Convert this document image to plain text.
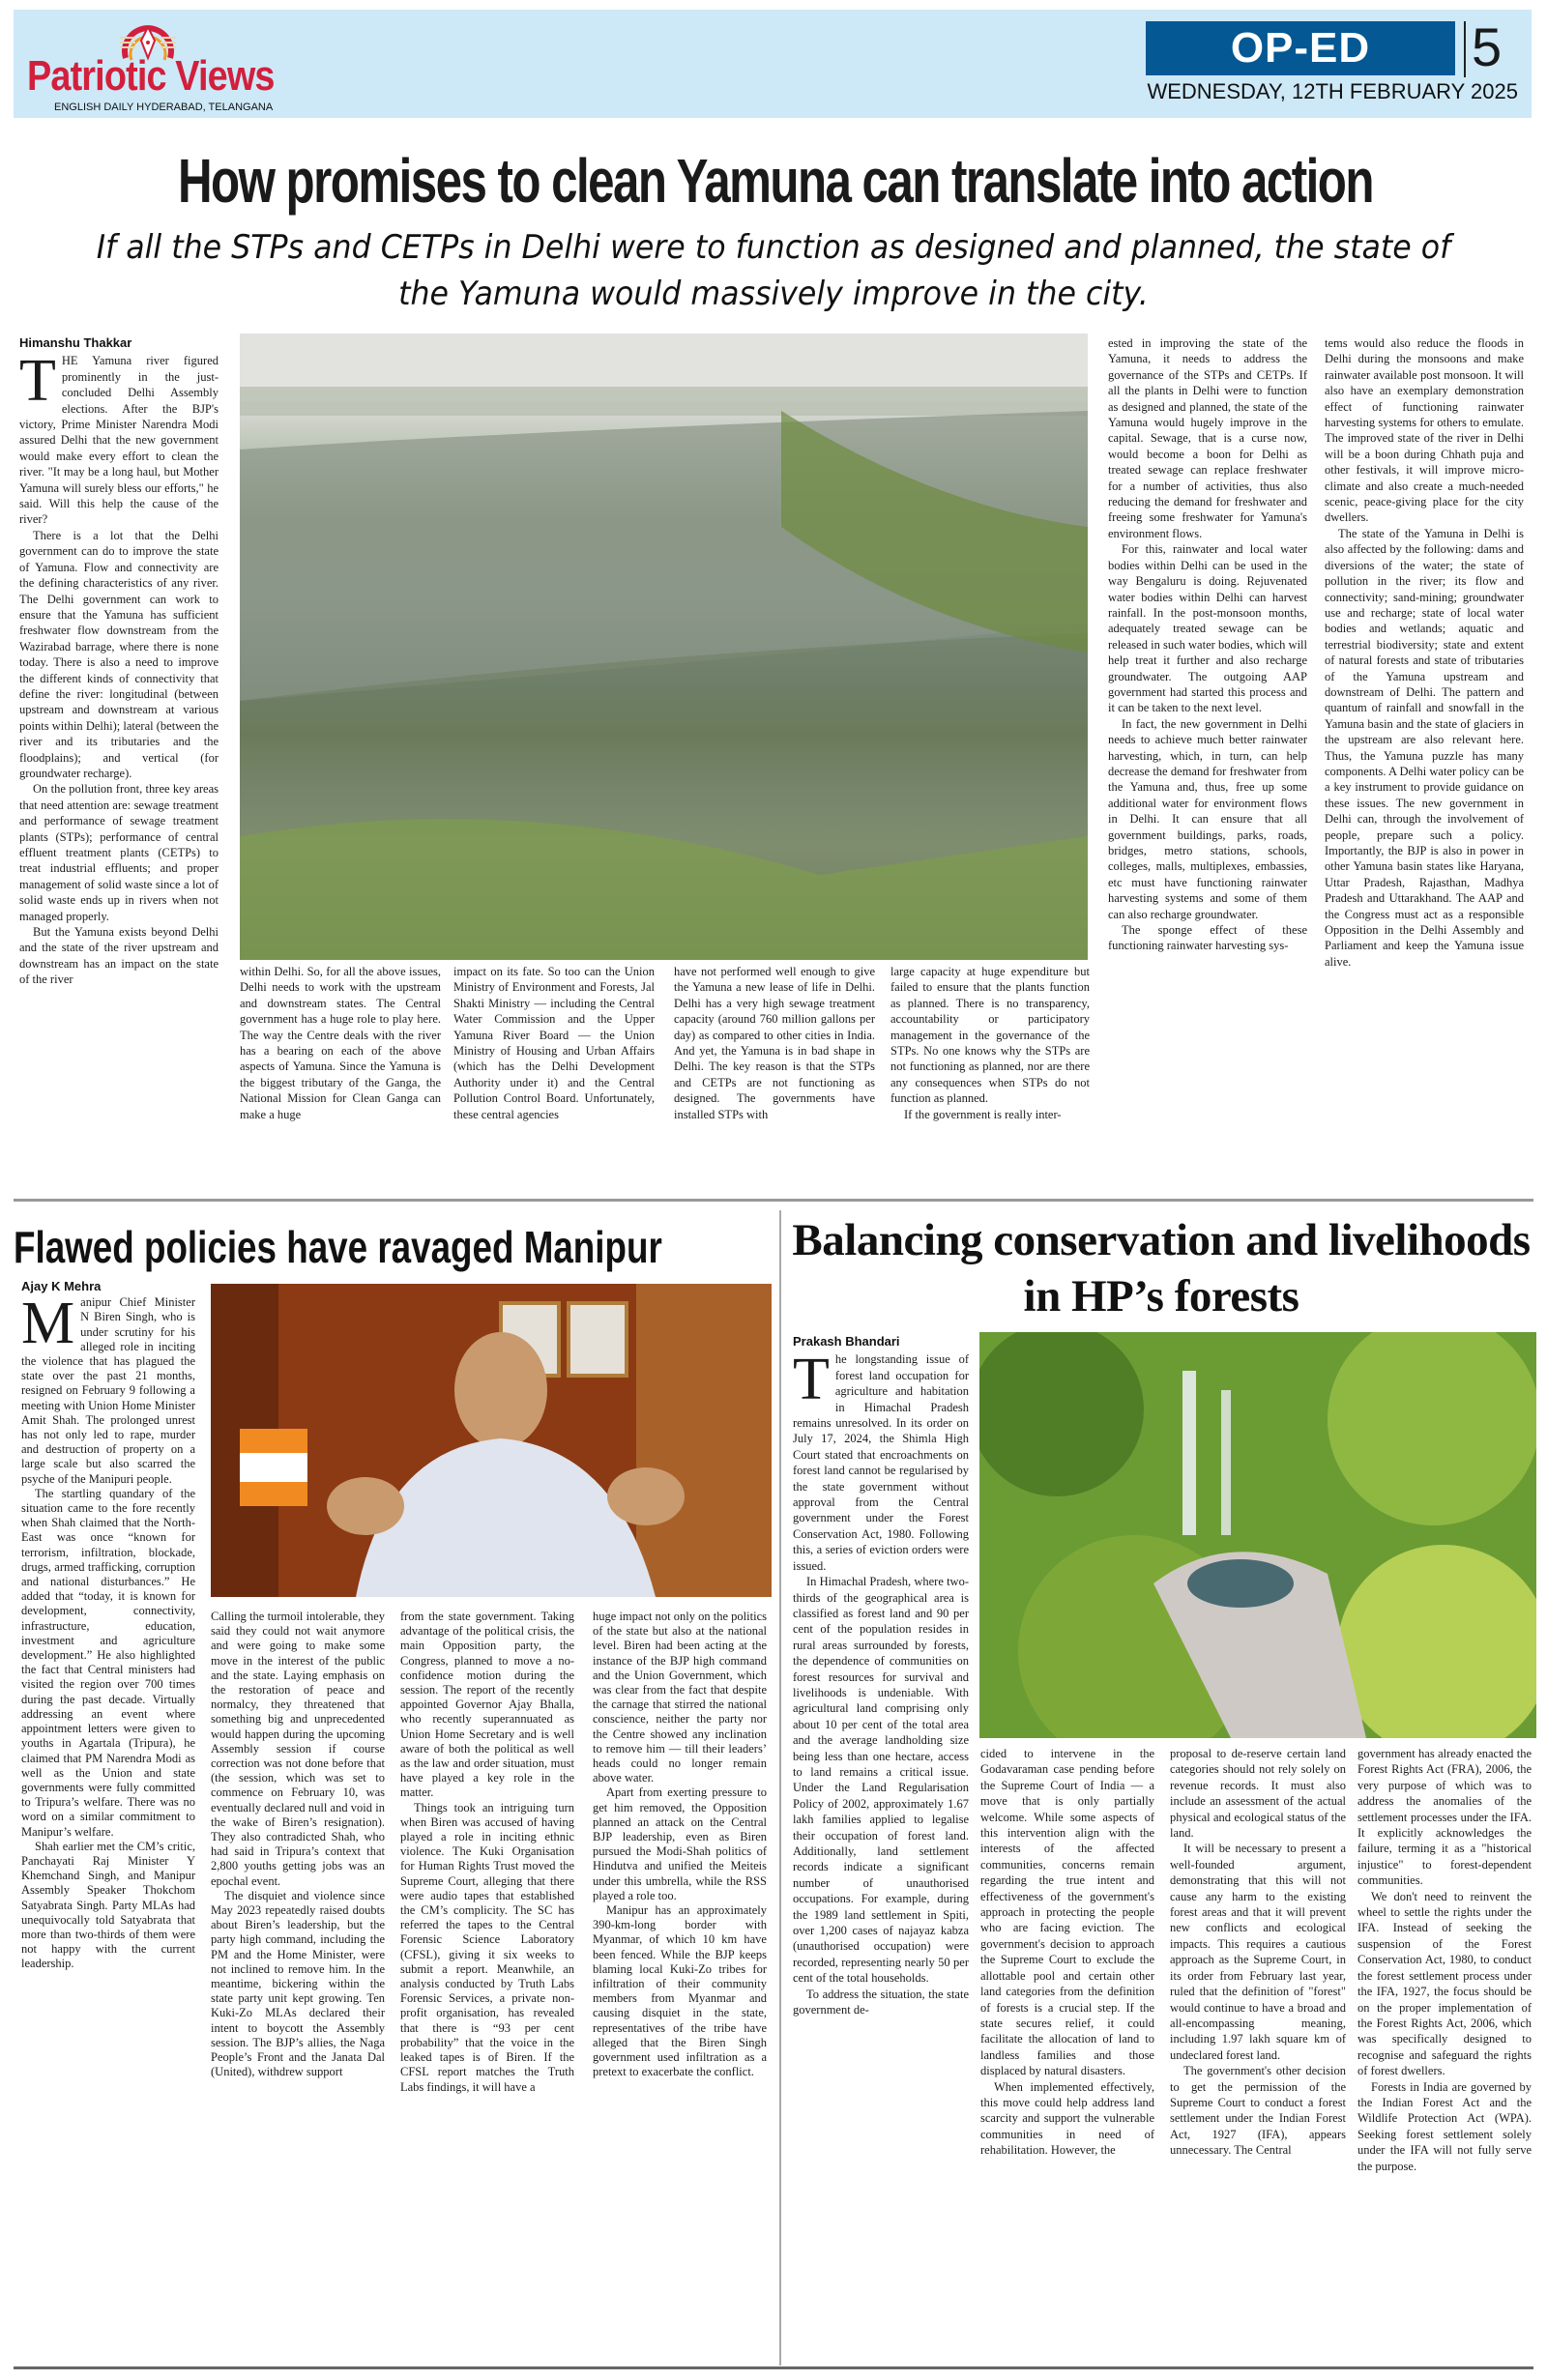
Patriotic Views
ENGLISH DAILY HYDERABAD, TELANGANA
OP-ED	5
WEDNESDAY, 12TH FEBRUARY 2025
How promises to clean Yamuna can translate into action
If all the STPs and CETPs in Delhi were to function as designed and planned, the state of the Yamuna would massively improve in the city.
Himanshu Thakkar

THE Yamuna river figured prominently in the just-concluded Delhi Assembly elections. After the BJP's victory, Prime Minister Narendra Modi assured Delhi that the new government would make every effort to clean the river. "It may be a long haul, but Mother Yamuna will surely bless our efforts," he said. Will this help the cause of the river?

There is a lot that the Delhi government can do to improve the state of Yamuna. Flow and connectivity are the defining characteristics of any river. The Delhi government can work to ensure that the Yamuna has sufficient freshwater flow downstream from the Wazirabad barrage, where there is none today. There is also a need to improve the different kinds of connectivity that define the river: longitudinal (between upstream and downstream at various points within Delhi); lateral (between the river and its tributaries and the floodplains); and vertical (for groundwater recharge).

On the pollution front, three key areas that need attention are: sewage treatment and performance of sewage treatment plants (STPs); performance of central effluent treatment plants (CETPs) to treat industrial effluents; and proper management of solid waste since a lot of solid waste ends up in rivers when not managed properly.

But the Yamuna exists beyond Delhi and the state of the river upstream and downstream has an impact on the state of the river

within Delhi. So, for all the above issues, Delhi needs to work with the upstream and downstream states. The Central government has a huge role to play here. The way the Centre deals with the river has a bearing on each of the above aspects of Yamuna. Since the Yamuna is the biggest tributary of the Ganga, the National Mission for Clean Ganga can make a huge

impact on its fate. So too can the Union Ministry of Environment and Forests, Jal Shakti Ministry — including the Central Water Commission and the Upper Yamuna River Board — the Union Ministry of Housing and Urban Affairs (which has the Delhi Development Authority under it) and the Central Pollution Control Board. Unfortunately, these central agencies

have not performed well enough to give the Yamuna a new lease of life in Delhi. Delhi has a very high sewage treatment capacity (around 760 million gallons per day) as compared to other cities in India. And yet, the Yamuna is in bad shape in Delhi. The key reason is that the STPs and CETPs are not functioning as designed. The governments have installed STPs with

large capacity at huge expenditure but failed to ensure that the plants function as planned. There is no transparency, accountability or participatory management in the governance of the STPs. No one knows why the STPs are not functioning as planned, nor are there any consequences when STPs do not function as planned.

If the government is really inter-

ested in improving the state of the Yamuna, it needs to address the governance of the STPs and CETPs. If all the plants in Delhi were to function as designed and planned, the state of the Yamuna would hugely improve in the capital. Sewage, that is a curse now, would become a boon for Delhi as treated sewage can replace freshwater for a number of activities, thus also reducing the demand for freshwater and freeing some freshwater for Yamuna's environment flows.

For this, rainwater and local water bodies within Delhi can be used in the way Bengaluru is doing. Rejuvenated water bodies within Delhi can harvest rainfall. In the post-monsoon months, adequately treated sewage can be released in such water bodies, which will help treat it further and also recharge groundwater. The outgoing AAP government had started this process and it can be taken to the next level.

In fact, the new government in Delhi needs to achieve much better rainwater harvesting, which, in turn, can help decrease the demand for freshwater from the Yamuna and, thus, free up some additional water for environment flows in Delhi. It can ensure that all government buildings, parks, roads, bridges, metro stations, schools, colleges, malls, multiplexes, embassies, etc must have functioning rainwater harvesting systems and some of them can also recharge groundwater.

The sponge effect of these functioning rainwater harvesting sys-

tems would also reduce the floods in Delhi during the monsoons and make rainwater available post monsoon. It will also have an exemplary demonstration effect of functioning rainwater harvesting systems for others to emulate. The improved state of the river in Delhi will be a boon during Chhath puja and other festivals, it will improve micro-climate and also create a much-needed scenic, peace-giving place for the city dwellers.

The state of the Yamuna in Delhi is also affected by the following: dams and diversions of the water; the state of pollution in the river; its flow and connectivity; sand-mining; groundwater use and recharge; state of local water bodies and wetlands; aquatic and terrestrial biodiversity; state and extent of natural forests and state of tributaries of the Yamuna upstream and downstream of Delhi. The pattern and quantum of rainfall and snowfall in the Yamuna basin and the state of glaciers in the upstream are also relevant here. Thus, the Yamuna puzzle has many components. A Delhi water policy can be a key instrument to provide guidance on these issues. The new government in Delhi can, through the involvement of people, prepare such a policy. Importantly, the BJP is also in power in other Yamuna basin states like Haryana, Uttar Pradesh, Rajasthan, Madhya Pradesh and Uttarakhand. The AAP and the Congress must act as a responsible Opposition in the Delhi Assembly and Parliament and keep the Yamuna issue alive.

Flawed policies have ravaged Manipur
Ajay K Mehra

Manipur Chief Minister N Biren Singh, who is under scrutiny for his alleged role in inciting the violence that has plagued the state over the past 21 months, resigned on February 9 following a meeting with Union Home Minister Amit Shah. The prolonged unrest has not only led to rape, murder and destruction of property on a large scale but also scarred the psyche of the Manipuri people.

The startling quandary of the situation came to the fore recently when Shah claimed that the North-East was once “known for terrorism, infiltration, blockade, drugs, armed trafficking, corruption and national disturbances.” He added that “today, it is known for development, connectivity, infrastructure, education, investment and agriculture development.” He also highlighted the fact that Central ministers had visited the region over 700 times during the past decade. Virtually addressing an event where appointment letters were given to youths in Agartala (Tripura), he claimed that PM Narendra Modi as well as the Union and state governments were fully committed to Tripura’s welfare. There was no word on a similar commitment to Manipur’s welfare.

Shah earlier met the CM’s critic, Panchayati Raj Minister Y Khemchand Singh, and Manipur Assembly Speaker Thokchom Satyabrata Singh. Party MLAs had unequivocally told Satyabrata that more than two-thirds of them were not happy with the current leadership.

Calling the turmoil intolerable, they said they could not wait anymore and were going to make some move in the interest of the public and the state. Laying emphasis on the restoration of peace and normalcy, they threatened that something big and unprecedented would happen during the upcoming Assembly session if course correction was not done before that (the session, which was set to commence on February 10, was eventually declared null and void in the wake of Biren’s resignation). They also contradicted Shah, who had said in Tripura’s context that 2,800 youths getting jobs was an epochal event.

The disquiet and violence since May 2023 repeatedly raised doubts about Biren’s leadership, but the party high command, including the PM and the Home Minister, were not inclined to remove him. In the meantime, bickering within the state party unit kept growing. Ten Kuki-Zo MLAs declared their intent to boycott the Assembly session. The BJP’s allies, the Naga People’s Front and the Janata Dal (United), withdrew support

from the state government. Taking advantage of the political crisis, the main Opposition party, the Congress, planned to move a no-confidence motion during the session. The report of the recently appointed Governor Ajay Bhalla, who recently superannuated as Union Home Secretary and is well aware of both the political as well as the law and order situation, must have played a key role in the matter.

Things took an intriguing turn when Biren was accused of having played a role in inciting ethnic violence. The Kuki Organisation for Human Rights Trust moved the Supreme Court, alleging that there were audio tapes that established the CM’s complicity. The SC has referred the tapes to the Central Forensic Science Laboratory (CFSL), giving it six weeks to submit a report. Meanwhile, an analysis conducted by Truth Labs Forensic Services, a private non-profit organisation, has revealed that there is “93 per cent probability” that the voice in the leaked tapes is of Biren. If the CFSL report matches the Truth Labs findings, it will have a

huge impact not only on the politics of the state but also at the national level. Biren had been acting at the instance of the BJP high command and the Union Government, which was clear from the fact that despite the carnage that stirred the national conscience, neither the party nor the Centre showed any inclination to remove him — till their leaders’ heads could no longer remain above water.

Apart from exerting pressure to get him removed, the Opposition planned an attack on the Central BJP leadership, even as Biren pursued the Modi-Shah politics of Hindutva and unified the Meiteis under this umbrella, while the RSS played a role too.

Manipur has an approximately 390-km-long border with Myanmar, of which 10 km have been fenced. While the BJP keeps blaming local Kuki-Zo tribes for infiltration of their community members from Myanmar and causing disquiet in the state, representatives of the tribe have alleged that the Biren Singh government used infiltration as a pretext to exacerbate the conflict.

Balancing conservation and livelihoods in HP’s forests
Prakash Bhandari

The longstanding issue of forest land occupation for agriculture and habitation in Himachal Pradesh remains unresolved. In its order on July 17, 2024, the Shimla High Court stated that encroachments on forest land cannot be regularised by the state government without approval from the Central government under the Forest Conservation Act, 1980. Following this, a series of eviction orders were issued.

In Himachal Pradesh, where two-thirds of the geographical area is classified as forest land and 90 per cent of the population resides in rural areas surrounded by forests, the dependence of communities on forest resources for survival and livelihoods is undeniable. With agricultural land comprising only about 10 per cent of the total area and the average landholding size being less than one hectare, access to land remains a critical issue. Under the Land Regularisation Policy of 2002, approximately 1.67 lakh families applied to legalise their occupation of forest land. Additionally, land settlement records indicate a significant number of unauthorised occupations. For example, during the 1989 land settlement in Spiti, over 1,200 cases of najayaz kabza (unauthorised occupation) were recorded, representing nearly 50 per cent of the total households.

To address the situation, the state government de-

cided to intervene in the Godavaraman case pending before the Supreme Court of India — a move that is only partially welcome. While some aspects of this intervention align with the interests of the affected communities, concerns remain regarding the true intent and effectiveness of the government's approach in protecting the people who are facing eviction. The government's decision to approach the Supreme Court to exclude the allottable pool and certain other land categories from the definition of forests is a crucial step. If the state secures relief, it could facilitate the allocation of land to landless families and those displaced by natural disasters.

When implemented effectively, this move could help address land scarcity and support the vulnerable communities in need of rehabilitation. However, the

proposal to de-reserve certain land categories should not rely solely on revenue records. It must also include an assessment of the actual physical and ecological status of the land.

It will be necessary to present a well-founded argument, demonstrating that this will not cause any harm to the existing forest areas and that it will prevent new conflicts and ecological impacts. This requires a cautious approach as the Supreme Court, in its order from February last year, ruled that the definition of "forest" would continue to have a broad and all-encompassing meaning, including 1.97 lakh square km of undeclared forest land.

The government's other decision to get the permission of the Supreme Court to conduct a forest settlement under the Indian Forest Act, 1927 (IFA), appears unnecessary. The Central

government has already enacted the Forest Rights Act (FRA), 2006, the very purpose of which was to address the anomalies of the settlement processes under the IFA. It explicitly acknowledges the failure, terming it as a "historical injustice" to forest-dependent communities.

We don't need to reinvent the wheel to settle the rights under the IFA. Instead of seeking the suspension of the Forest Conservation Act, 1980, to conduct the forest settlement process under the IFA, 1927, the focus should be on the proper implementation of the Forest Rights Act, 2006, which was specifically designed to recognise and safeguard the rights of forest dwellers.

Forests in India are governed by the Indian Forest Act and the Wildlife Protection Act (WPA). Seeking forest settlement solely under the IFA will not fully serve the purpose.
